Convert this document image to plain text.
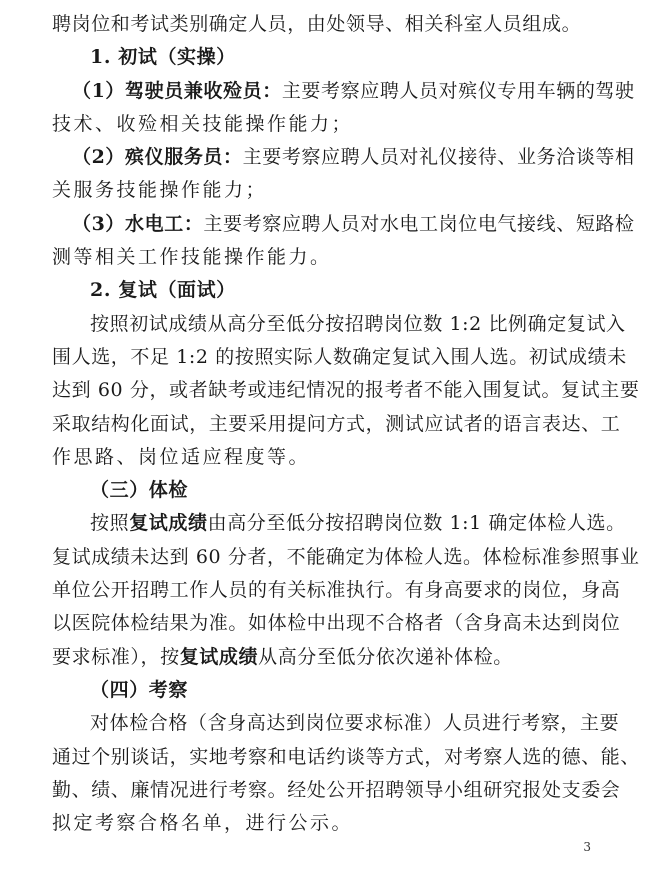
聘岗位和考试类别确定人员，由处领导、相关科室人员组成。
1. 初试（实操）
（1）驾驶员兼收殓员：主要考察应聘人员对殡仪专用车辆的驾驶
技术、收殓相关技能操作能力；
（2）殡仪服务员：主要考察应聘人员对礼仪接待、业务洽谈等相
关服务技能操作能力；
（3）水电工：主要考察应聘人员对水电工岗位电气接线、短路检
测等相关工作技能操作能力。
2. 复试（面试）
按照初试成绩从高分至低分按招聘岗位数 1:2 比例确定复试入
围人选，不足 1:2 的按照实际人数确定复试入围人选。初试成绩未
达到 60 分，或者缺考或违纪情况的报考者不能入围复试。复试主要
采取结构化面试，主要采用提问方式，测试应试者的语言表达、工
作思路、岗位适应程度等。
（三）体检
按照复试成绩由高分至低分按招聘岗位数 1:1 确定体检人选。
复试成绩未达到 60 分者，不能确定为体检人选。体检标准参照事业
单位公开招聘工作人员的有关标准执行。有身高要求的岗位，身高
以医院体检结果为准。如体检中出现不合格者（含身高未达到岗位
要求标准），按复试成绩从高分至低分依次递补体检。
（四）考察
对体检合格（含身高达到岗位要求标准）人员进行考察，主要
通过个别谈话，实地考察和电话约谈等方式，对考察人选的德、能、
勤、绩、廉情况进行考察。经处公开招聘领导小组研究报处支委会
拟定考察合格名单，进行公示。
3
